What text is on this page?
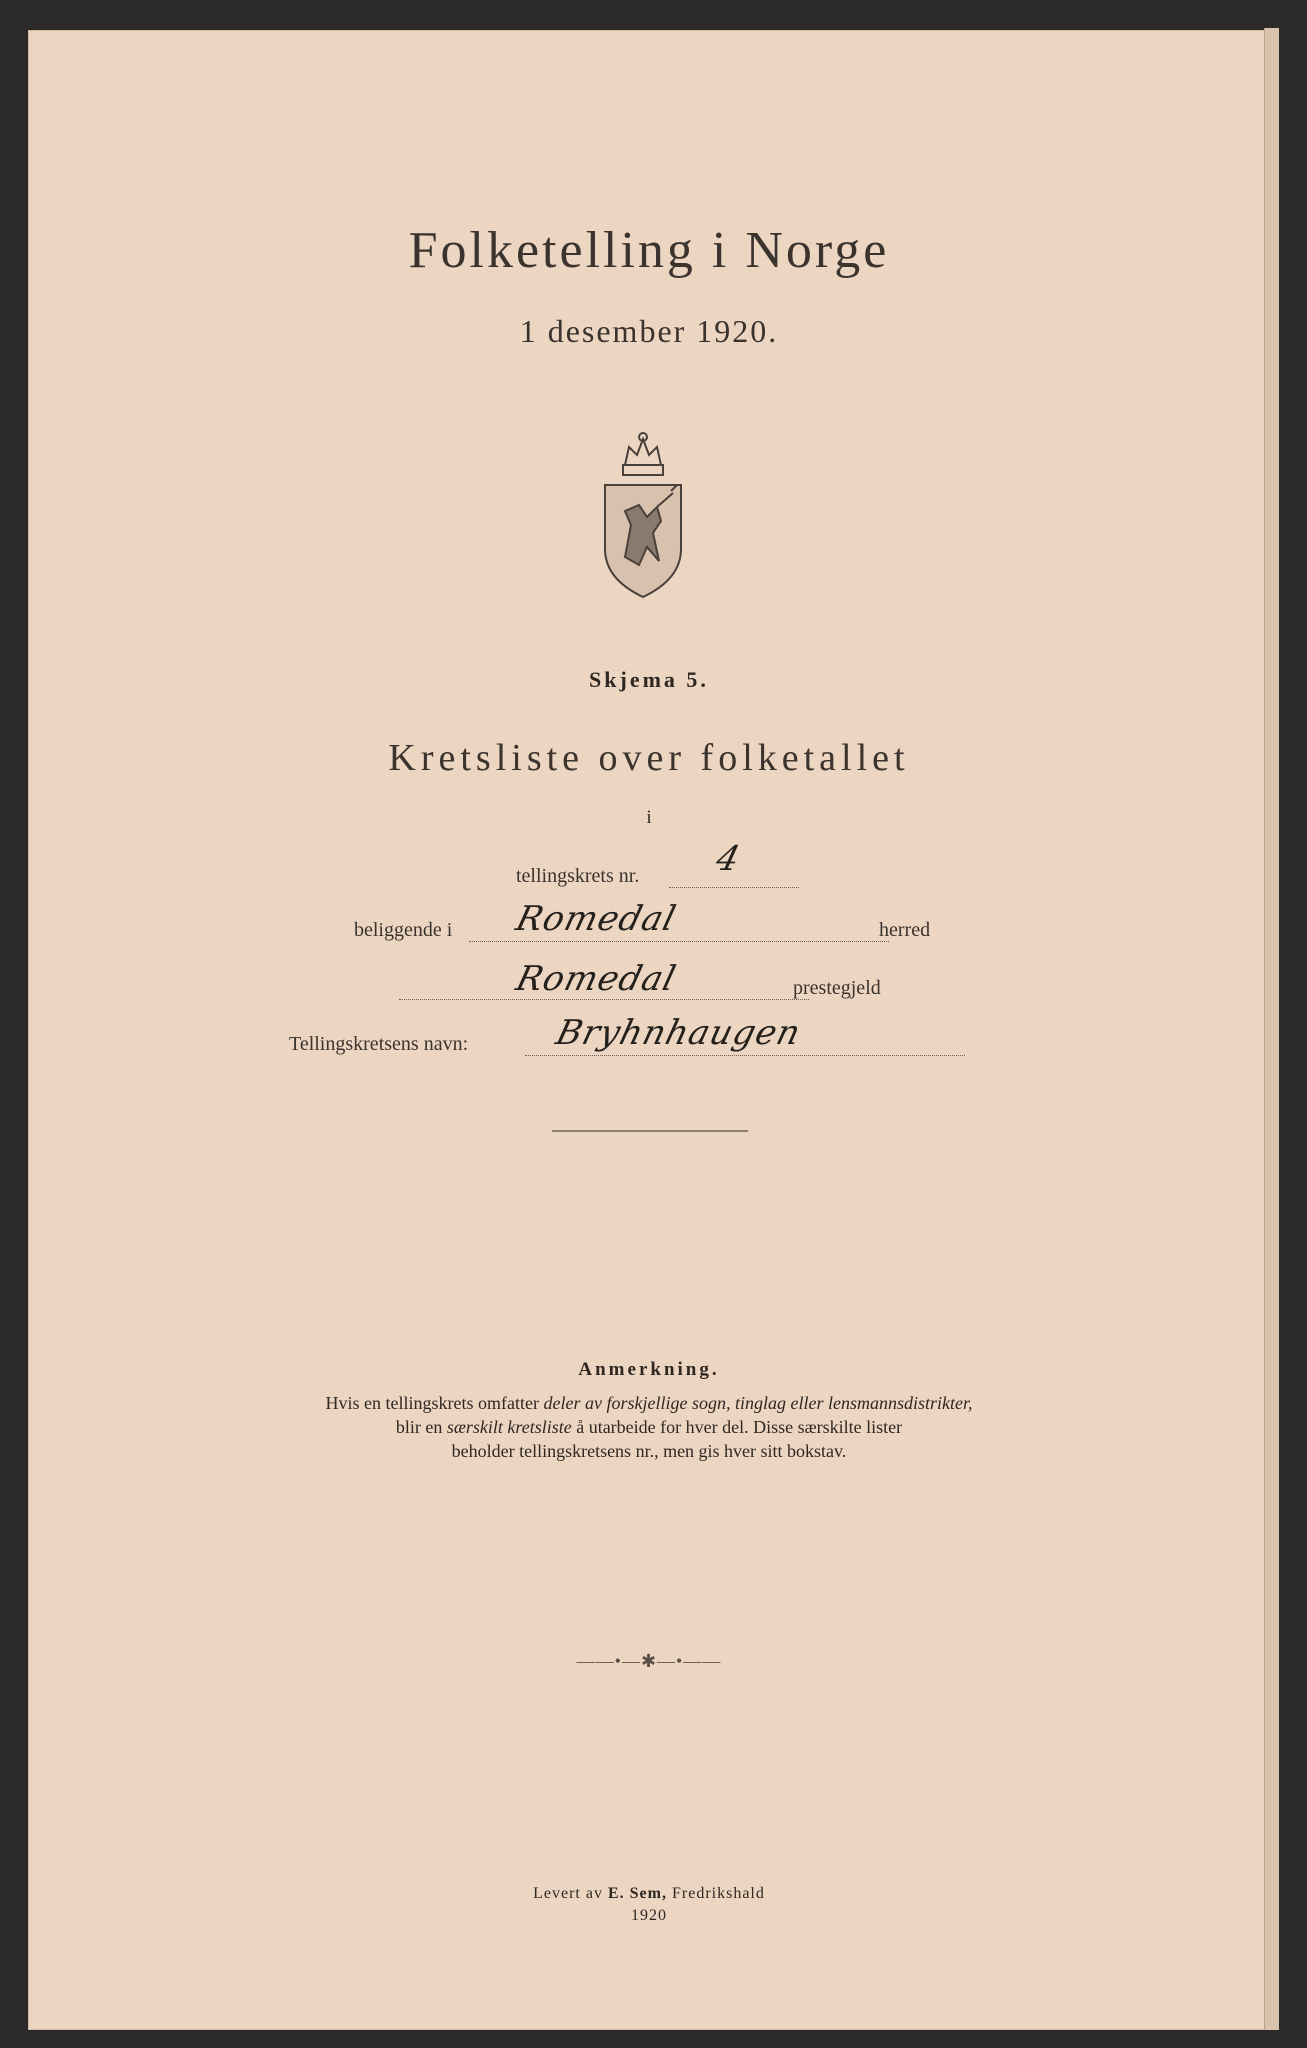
Folketelling i Norge
1 desember 1920.
Skjema 5.
Kretsliste over folketallet
i
tellingskrets nr. 4
beliggende i Romedal	herred
Romedal	prestegjeld
Tellingskretsens navn: Bryhnhaugen
Anmerkning.
Hvis en tellingskrets omfatter deler av forskjellige sogn, tinglag eller lensmannsdistrikter,
blir en særskilt kretsliste å utarbeide for hver del. Disse særskilte lister
beholder tellingskretsens nr., men gis hver sitt bokstav.
——•—✱—•——
Levert av E. Sem, Fredrikshald
1920
